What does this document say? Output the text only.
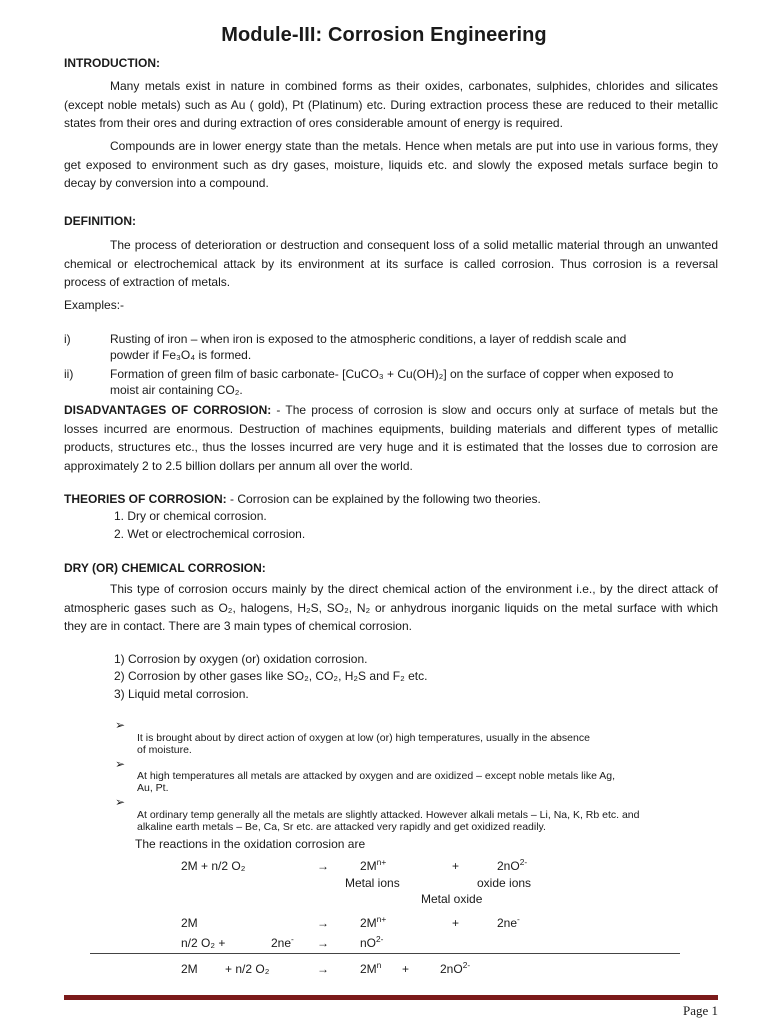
Module-III: Corrosion Engineering
INTRODUCTION:
Many metals exist in nature in combined forms as their oxides, carbonates, sulphides, chlorides and silicates (except noble metals) such as Au ( gold), Pt (Platinum) etc. During extraction process these are reduced to their metallic states from their ores and during extraction of ores considerable amount of energy is required.
Compounds are in lower energy state than the metals. Hence when metals are put into use in various forms, they get exposed to environment such as dry gases, moisture, liquids etc. and slowly the exposed metals surface begin to decay by conversion into a compound.
DEFINITION:
The process of deterioration or destruction and consequent loss of a solid metallic material through an unwanted chemical or electrochemical attack by its environment at its surface is called corrosion. Thus corrosion is a reversal process of extraction of metals.
Examples:-
i)	Rusting of iron – when iron is exposed to the atmospheric conditions, a layer of reddish scale and
powder if Fe₃O₄ is formed.
ii)	Formation of green film of basic carbonate- [CuCO₃ + Cu(OH)₂] on the surface of copper when exposed to
moist air containing CO₂.
DISADVANTAGES OF CORROSION: - The process of corrosion is slow and occurs only at surface of metals but the losses incurred are enormous. Destruction of machines equipments, building materials and different types of metallic products, structures etc., thus the losses incurred are very huge and it is estimated that the losses due to corrosion are approximately 2 to 2.5 billion dollars per annum all over the world.
THEORIES OF CORROSION: - Corrosion can be explained by the following two theories.
1. Dry or chemical corrosion.
2. Wet or electrochemical corrosion.
DRY (OR) CHEMICAL CORROSION:
This type of corrosion occurs mainly by the direct chemical action of the environment i.e., by the direct attack of atmospheric gases such as O₂, halogens, H₂S, SO₂, N₂ or anhydrous inorganic liquids on the metal surface with which they are in contact. There are 3 main types of chemical corrosion.
1) Corrosion by oxygen (or) oxidation corrosion.
2) Corrosion by other gases like SO₂, CO₂, H₂S and F₂ etc.
3) Liquid metal corrosion.
➢
It is brought about by direct action of oxygen at low (or) high temperatures, usually in the absence
of moisture.
➢
At high temperatures all metals are attacked by oxygen and are oxidized – except noble metals like Ag,
Au, Pt.
➢
At ordinary temp generally all the metals are slightly attacked. However alkali metals – Li, Na, K, Rb etc. and
alkaline earth metals – Be, Ca, Sr etc. are attacked very rapidly and get oxidized readily.
The reactions in the oxidation corrosion are
2M + n/2 O₂	→	$2M^{n+}$	+	$2nO^{2-}$
Metal ions	oxide ions
Metal oxide
2M	→	$2M^{n+}$	+	2ne-
n/2 O₂ +	2ne- →	$nO^{2-}$
2M + n/2 O₂	→	$2M^n$ +	$2nO^{2-}$
Page 1
